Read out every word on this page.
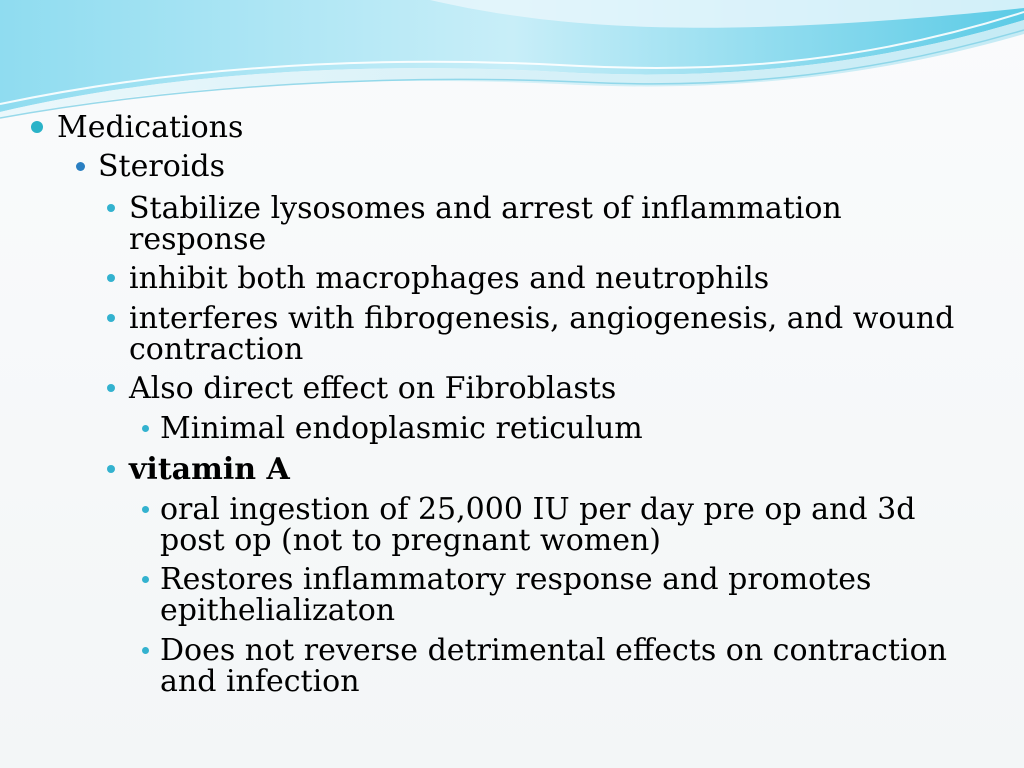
Medications
Steroids
Stabilize lysosomes and arrest of inflammation response
inhibit both macrophages and neutrophils
interferes with fibrogenesis, angiogenesis, and wound contraction
Also direct effect on Fibroblasts
Minimal endoplasmic reticulum
vitamin A
oral ingestion of 25,000 IU per day pre op and 3d post op (not to pregnant women)
Restores inflammatory response and promotes epithelializaton
Does not reverse detrimental effects on contraction and infection
